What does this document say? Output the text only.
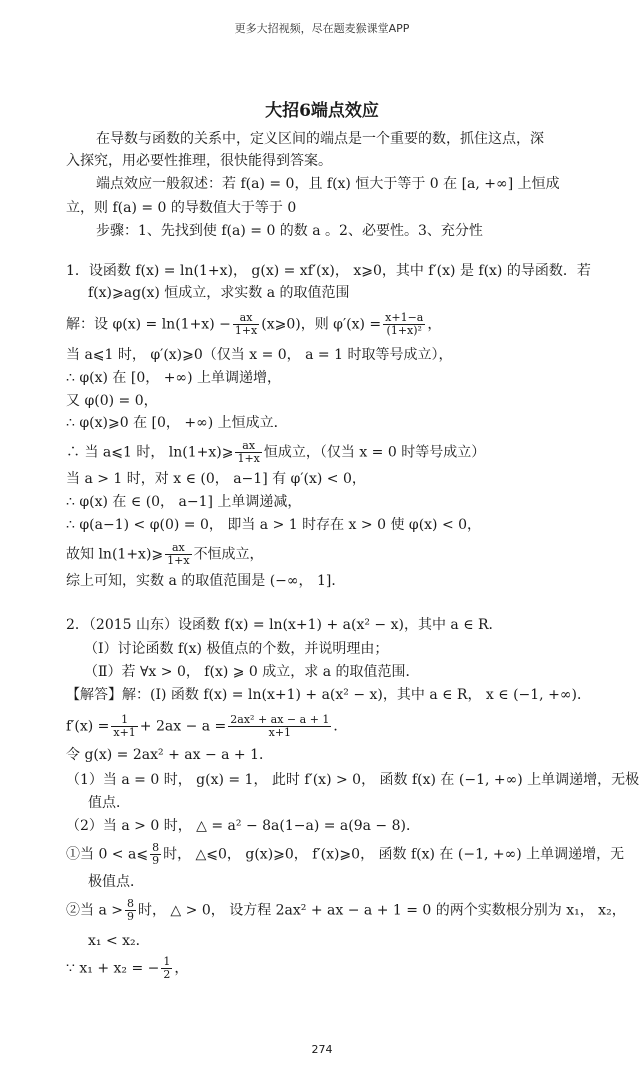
更多大招视频，尽在题麦猴课堂APP
大招6端点效应
在导数与函数的关系中，定义区间的端点是一个重要的数，抓住这点，深
入探究，用必要性推理，很快能得到答案。
端点效应一般叙述：若 f(a) = 0，且 f(x) 恒大于等于 0 在 [a, +∞] 上恒成
立，则 f(a) = 0 的导数值大于等于 0
步骤：1、先找到使 f(a) = 0 的数 a 。2、必要性。3、充分性
1．设函数 f(x) = ln(1+x)， g(x) = xf′(x)， x⩾0，其中 f′(x) 是 f(x) 的导函数．若
f(x)⩾ag(x) 恒成立，求实数 a 的取值范围
解：设 $\varphi(x) = \ln(1+x) - \frac{ax}{1+x}$ (x⩾0)，则 $\varphi'(x) = \frac{x+1-a}{\text{(1+x)²}}$ ，
当 a⩽1 时， φ′(x)⩾0（仅当 x = 0， a = 1 时取等号成立），
∴ φ(x) 在 [0， +∞) 上单调递增，
又 φ(0) = 0，
∴ φ(x)⩾0 在 [0， +∞) 上恒成立．
∴ 当 a⩽1 时， ln(1+x)⩾ $\frac{ax}{1+x}$ 恒成立，（仅当 x = 0 时等号成立）
当 a > 1 时，对 x ∈ (0， a−1] 有 φ′(x) < 0，
∴ φ(x) 在 ∈ (0， a−1] 上单调递减，
∴ φ(a−1) < φ(0) = 0， 即当 a > 1 时存在 x > 0 使 φ(x) < 0，
故知 ln(1+x)⩾ $\frac{ax}{1+x}$ 不恒成立，
综上可知，实数 a 的取值范围是 (−∞， 1]．
2．（2015 山东）设函数 f(x) = ln(x+1) + a(x² − x)，其中 a ∈ R．
（Ⅰ）讨论函数 f(x) 极值点的个数，并说明理由；
（Ⅱ）若 ∀x > 0， f(x) ⩾ 0 成立，求 a 的取值范围．
【解答】解：(I) 函数 f(x) = ln(x+1) + a(x² − x)，其中 a ∈ R， x ∈ (−1, +∞)．
$f'(x) = \frac{1}{x+1} + 2ax - a = \frac{\text{2ax² + ax − a + 1}}{x+1}$ ．
令 g(x) = 2ax² + ax − a + 1．
（1）当 a = 0 时， g(x) = 1， 此时 f′(x) > 0， 函数 f(x) 在 (−1, +∞) 上单调递增，无极
值点．
（2）当 a > 0 时， △ = a² − 8a(1−a) = a(9a − 8)．
①当 0 < a⩽ $\frac{8}{9}$ 时， △⩽0， g(x)⩾0， f′(x)⩾0， 函数 f(x) 在 (−1, +∞) 上单调递增，无
极值点．
②当 $a > \frac{8}{9}$ 时， △ > 0， 设方程 2ax² + ax − a + 1 = 0 的两个实数根分别为 x₁， x₂，
x₁ < x₂．
∵ x₁ + x₂ = − $\frac{1}{2}$ ，
274
